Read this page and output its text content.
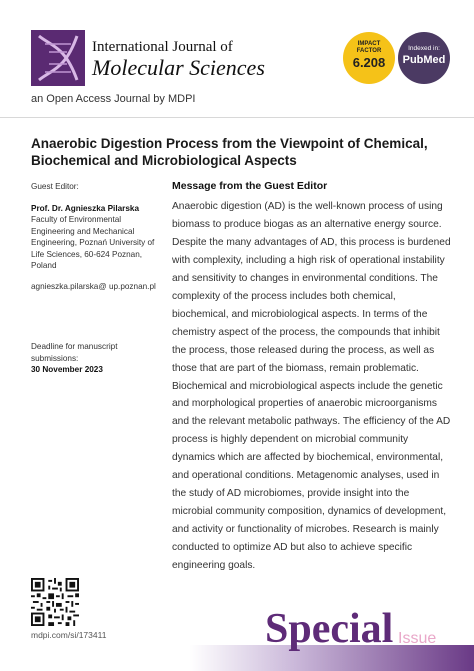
International Journal of
Molecular Sciences
IMPACT
FACTOR
6.208
Indexed in:
PubMed
an Open Access Journal by MDPI
Anaerobic Digestion Process from the Viewpoint of Chemical, Biochemical and Microbiological Aspects
Guest Editor:
Prof. Dr. Agnieszka Pilarska
Faculty of Environmental Engineering and Mechanical Engineering, Poznań University of Life Sciences, 60-624 Poznan, Poland
agnieszka.pilarska@ up.poznan.pl
Deadline for manuscript submissions:
30 November 2023
Message from the Guest Editor
Anaerobic digestion (AD) is the well-known process of using biomass to produce biogas as an alternative energy source. Despite the many advantages of AD, this process is burdened with complexity, including a high risk of operational instability and sensitivity to changes in environmental conditions. The complexity of the process includes both chemical, biochemical, and microbiological aspects. In terms of the chemistry aspect of the process, the compounds that inhibit the process, those released during the process, as well as those that are part of the biomass, remain problematic. Biochemical and microbiological aspects include the genetic and morphological properties of anaerobic microorganisms and the relevant metabolic pathways. The efficiency of the AD process is highly dependent on microbial community dynamics which are affected by biochemical, environmental, and operational conditions. Metagenomic analyses, used in the study of AD microbiomes, provide insight into the microbial community composition, dynamics of development, and activity or functionality of microbes. Research is mainly conducted to optimize AD but also to achieve specific engineering goals.
mdpi.com/si/173411	Special Issue
